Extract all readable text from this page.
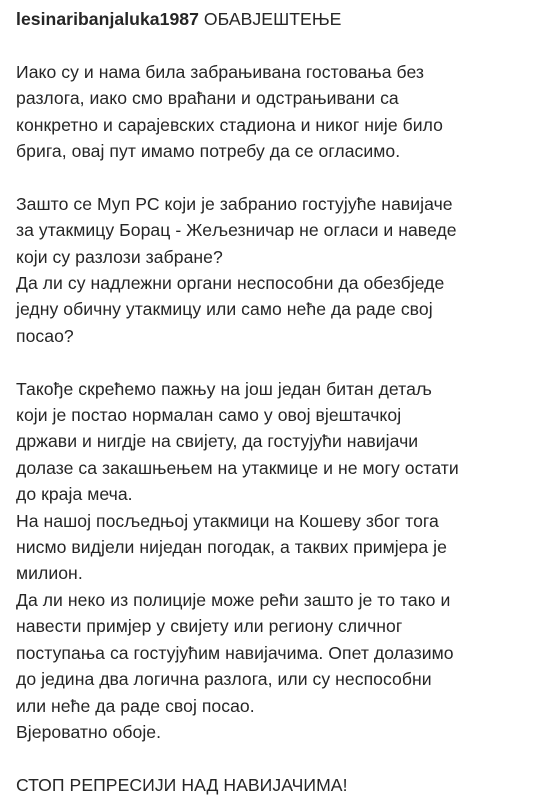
lesinaribanjaluka1987 ОБАВЈЕШТЕЊЕ
Иако су и нама била забрањивана гостовања без
разлога, иако смо враћани и одстрањивани са
конкретно и сарајевских стадиона и никог није било
брига, овај пут имамо потребу да се огласимо.
Зашто се Муп РС који је забранио гостујуће навијаче
за утакмицу Борац - Жељезничар не огласи и наведе
који су разлози забране?
Да ли су надлежни органи неспособни да обезбједе
једну обичну утакмицу или само неће да раде свој
посао?
Такође скрећемо пажњу на још један битан детаљ
који је постао нормалан само у овој вјештачкој
држави и нигдје на свијету, да гостујући навијачи
долазе са закашњењем на утакмице и не могу остати
до краја меча.
На нашој посљедњој утакмици на Кошеву због тога
нисмо видјели ниједан погодак, а таквих примјера је
милион.
Да ли неко из полиције може рећи зашто је то тако и
навести примјер у свијету или региону сличног
поступања са гостујућим навијачима. Опет долазимо
до једина два логична разлога, или су неспособни
или неће да раде свој посао.
Вјероватно обоје.
СТОП РЕПРЕСИЈИ НАД НАВИЈАЧИМА!
